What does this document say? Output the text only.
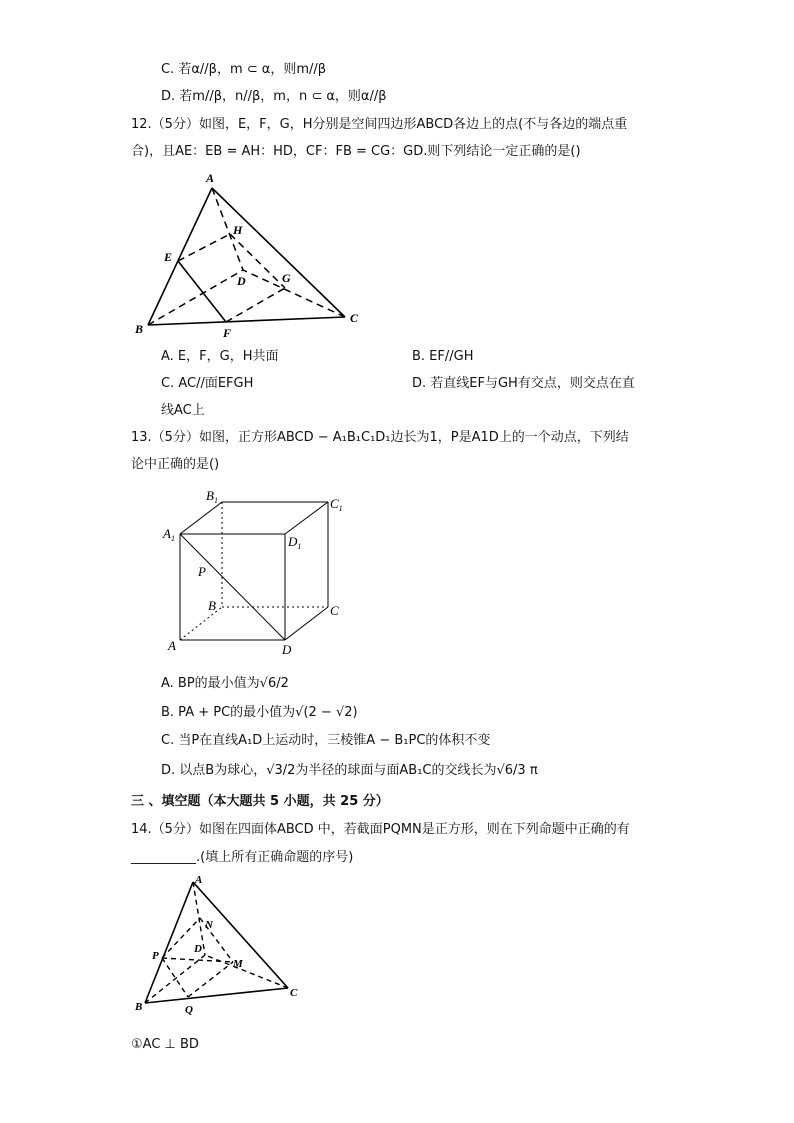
C. 若α//β，m ⊂ α，则m//β
D. 若m//β，n//β，m，n ⊂ α，则α//β
12.（5分）如图，E，F，G，H分别是空间四边形ABCD各边上的点(不与各边的端点重
合)，且AE：EB = AH：HD，CF：FB = CG：GD.则下列结论一定正确的是()
A
B
C
D
E
F
G
H
A. E，F，G，H共面	B. EF//GH
C. AC//面EFGH	D. 若直线EF与GH有交点，则交点在直
线AC上
13.（5分）如图，正方形ABCD − A₁B₁C₁D₁边长为1，P是A1D上的一个动点，下列结
论中正确的是()
$B_1$	$C_1$
$A_1$	$D_1$
P
B	C
A	D
A. BP的最小值为√6/2
B. PA + PC的最小值为√(2 − √2)
C. 当P在直线A₁D上运动时，三棱锥A − B₁PC的体积不变
D. 以点B为球心，√3/2为半径的球面与面AB₁C的交线长为√6/3 π
三 、填空题（本大题共 5 小题，共 25 分）
14.（5分）如图在四面体ABCD 中，若截面PQMN是正方形，则在下列命题中正确的有
__________.(填上所有正确命题的序号)
A
B
C
D
N
M
P
Q
①AC ⊥ BD
